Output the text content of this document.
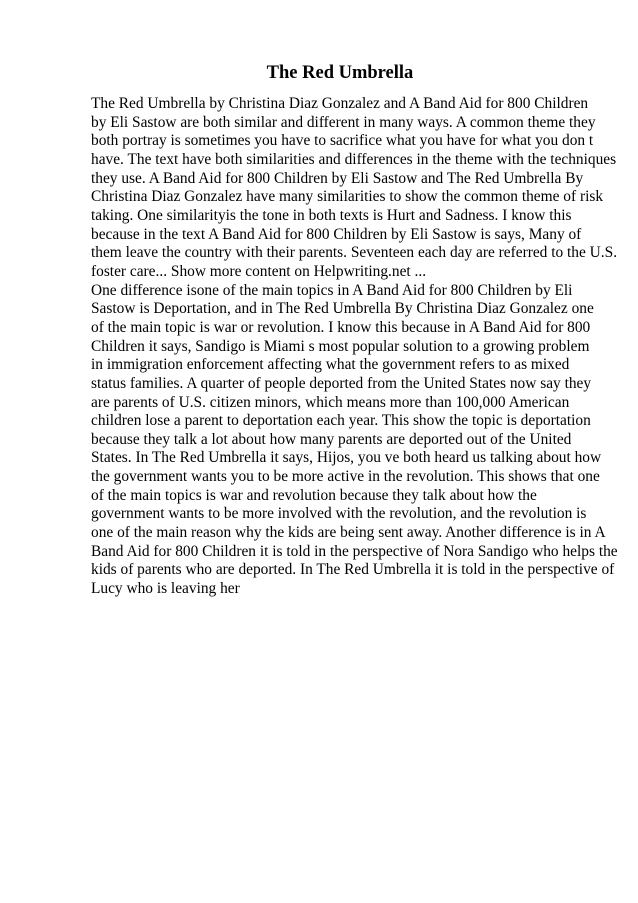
The Red Umbrella
The Red Umbrella by Christina Diaz Gonzalez and A Band Aid for 800 Children
by Eli Sastow are both similar and different in many ways. A common theme they
both portray is sometimes you have to sacrifice what you have for what you don t
have. The text have both similarities and differences in the theme with the techniques
they use. A Band Aid for 800 Children by Eli Sastow and The Red Umbrella By
Christina Diaz Gonzalez have many similarities to show the common theme of risk
taking. One similarityis the tone in both texts is Hurt and Sadness. I know this
because in the text A Band Aid for 800 Children by Eli Sastow is says, Many of
them leave the country with their parents. Seventeen each day are referred to the U.S.
foster care... Show more content on Helpwriting.net ...
One difference isone of the main topics in A Band Aid for 800 Children by Eli
Sastow is Deportation, and in The Red Umbrella By Christina Diaz Gonzalez one
of the main topic is war or revolution. I know this because in A Band Aid for 800
Children it says, Sandigo is Miami s most popular solution to a growing problem
in immigration enforcement affecting what the government refers to as mixed
status families. A quarter of people deported from the United States now say they
are parents of U.S. citizen minors, which means more than 100,000 American
children lose a parent to deportation each year. This show the topic is deportation
because they talk a lot about how many parents are deported out of the United
States. In The Red Umbrella it says, Hijos, you ve both heard us talking about how
the government wants you to be more active in the revolution. This shows that one
of the main topics is war and revolution because they talk about how the
government wants to be more involved with the revolution, and the revolution is
one of the main reason why the kids are being sent away. Another difference is in A
Band Aid for 800 Children it is told in the perspective of Nora Sandigo who helps the
kids of parents who are deported. In The Red Umbrella it is told in the perspective of
Lucy who is leaving her
